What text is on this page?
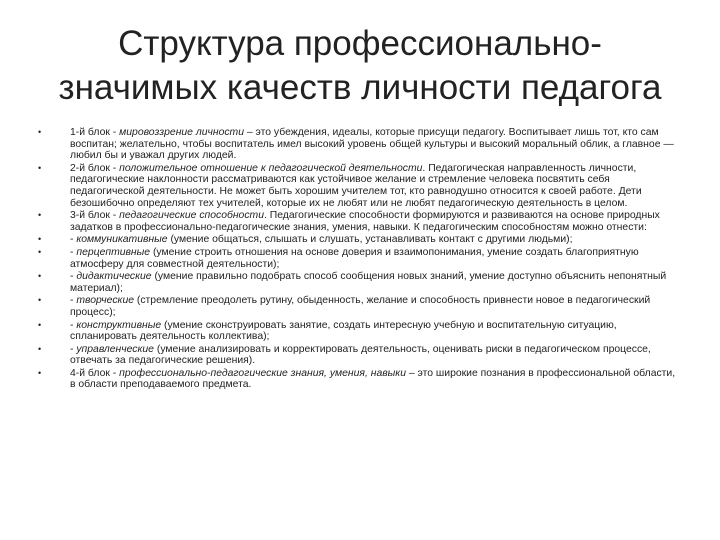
Структура профессионально-
значимых качеств личности педагога
•	1-й блок - мировоззрение личности – это убеждения, идеалы, которые присущи педагогу. Воспитывает лишь тот, кто сам воспитан; желательно, чтобы воспитатель имел высокий уровень общей культуры и высокий моральный облик, а главное — любил бы и уважал других людей.
•	2-й блок - положительное отношение к педагогической деятельности. Педагогическая направленность личности, педагогические наклонности рассматриваются как устойчивое желание и стремление человека посвятить себя педагогической деятельности. Не может быть хорошим учителем тот, кто равнодушно относится к своей работе. Дети безошибочно определяют тех учителей, которые их не любят или не любят педагогическую деятельность в целом.
•	3-й блок - педагогические способности. Педагогические способности формируются и развиваются на основе природных задатков в профессионально-педагогические знания, умения, навыки. К педагогическим способностям можно отнести:
•	- коммуникативные (умение общаться, слышать и слушать, устанавливать контакт с другими людьми);
•	- перцептивные (умение строить отношения на основе доверия и взаимопонимания, умение создать благоприятную атмосферу для совместной деятельности);
•	- дидактические (умение правильно подобрать способ сообщения новых знаний, умение доступно объяснить непонятный материал);
•	- творческие (стремление преодолеть рутину, обыденность, желание и способность привнести новое в педагогический процесс);
•	- конструктивные (умение сконструировать занятие, создать интересную учебную и воспитательную ситуацию, спланировать деятельность коллектива);
•	- управленческие (умение анализировать и корректировать деятельность, оценивать риски в педагогическом процессе, отвечать за педагогические решения).
•	4-й блок - профессионально-педагогические знания, умения, навыки – это широкие познания в профессиональной области, в области преподаваемого предмета.
